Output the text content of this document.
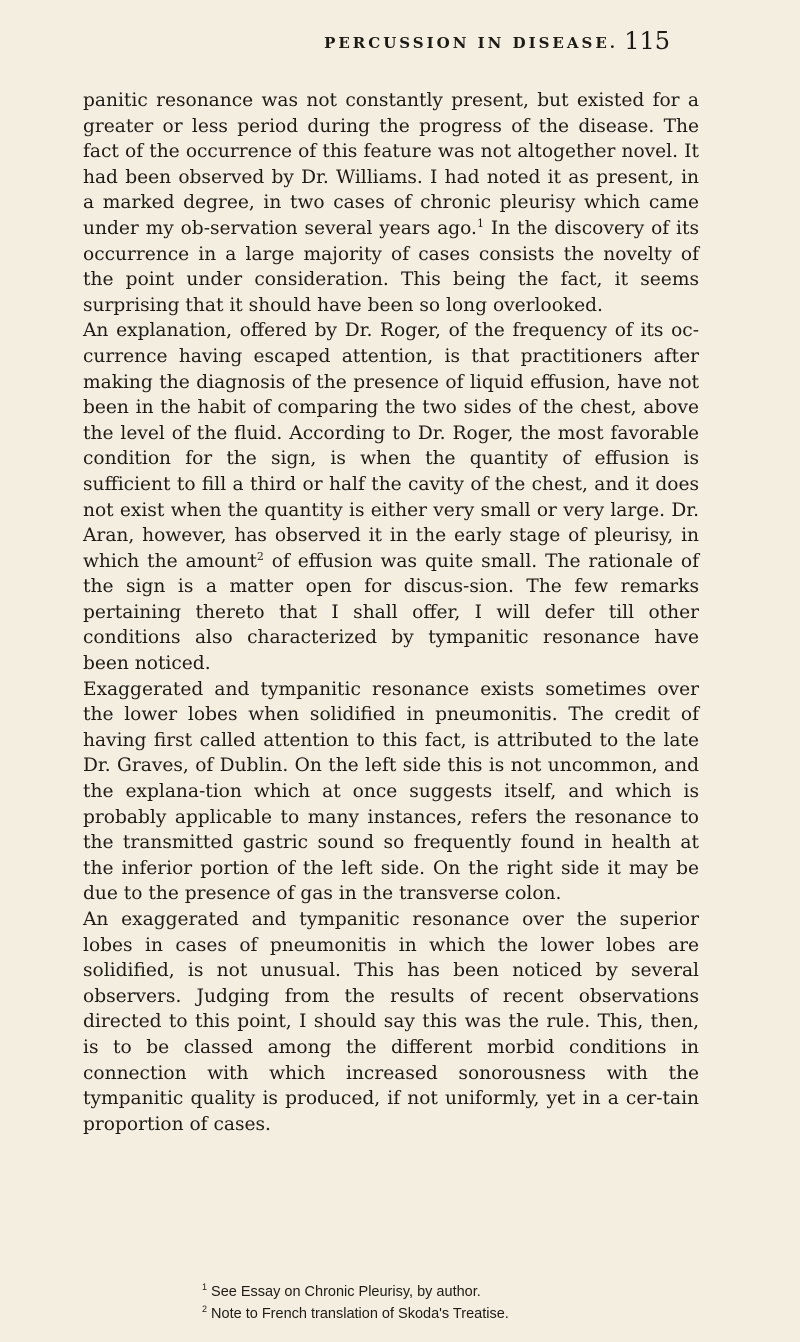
PERCUSSION IN DISEASE. 115

panitic resonance was not constantly present, but existed for a greater or less period during the progress of the disease. The fact of the occurrence of this feature was not altogether novel. It had been observed by Dr. Williams. I had noted it as present, in a marked degree, in two cases of chronic pleurisy which came under my ob-servation several years ago.$^1$ In the discovery of its occurrence in a large majority of cases consists the novelty of the point under consideration. This being the fact, it seems surprising that it should have been so long overlooked.

An explanation, offered by Dr. Roger, of the frequency of its oc-currence having escaped attention, is that practitioners after making the diagnosis of the presence of liquid effusion, have not been in the habit of comparing the two sides of the chest, above the level of the fluid. According to Dr. Roger, the most favorable condition for the sign, is when the quantity of effusion is sufficient to fill a third or half the cavity of the chest, and it does not exist when the quantity is either very small or very large. Dr. Aran, however, has observed it in the early stage of pleurisy, in which the amount$^2$ of effusion was quite small. The rationale of the sign is a matter open for discus-sion. The few remarks pertaining thereto that I shall offer, I will defer till other conditions also characterized by tympanitic resonance have been noticed.

Exaggerated and tympanitic resonance exists sometimes over the lower lobes when solidified in pneumonitis. The credit of having first called attention to this fact, is attributed to the late Dr. Graves, of Dublin. On the left side this is not uncommon, and the explana-tion which at once suggests itself, and which is probably applicable to many instances, refers the resonance to the transmitted gastric sound so frequently found in health at the inferior portion of the left side. On the right side it may be due to the presence of gas in the transverse colon.

An exaggerated and tympanitic resonance over the superior lobes in cases of pneumonitis in which the lower lobes are solidified, is not unusual. This has been noticed by several observers. Judging from the results of recent observations directed to this point, I should say this was the rule. This, then, is to be classed among the different morbid conditions in connection with which increased sonorousness with the tympanitic quality is produced, if not uniformly, yet in a cer-tain proportion of cases.

$^1$ See Essay on Chronic Pleurisy, by author.
$^2$ Note to French translation of Skoda's Treatise.
